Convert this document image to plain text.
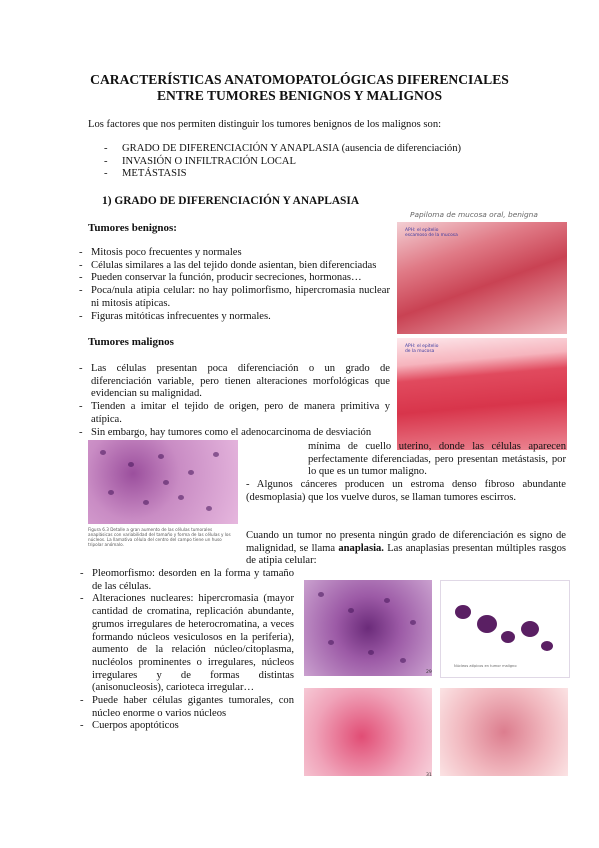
CARACTERÍSTICAS ANATOMOPATOLÓGICAS DIFERENCIALES
ENTRE TUMORES BENIGNOS Y MALIGNOS
Los factores que nos permiten distinguir los tumores benignos de los malignos son:
- GRADO DE DIFERENCIACIÓN Y ANAPLASIA (ausencia de diferenciación)
- INVASIÓN O INFILTRACIÓN LOCAL
- METÁSTASIS
1) GRADO DE DIFERENCIACIÓN Y ANAPLASIA
Papiloma de mucosa oral, benigna
APH: el epitelio
escamoso de la mucosa
Tumores benignos:
- Mitosis poco frecuentes y normales
- Células similares a las del tejido donde asientan, bien diferenciadas
- Pueden conservar la función, producir secreciones, hormonas…
- Poca/nula atipia celular: no hay polimorfismo, hipercromasia nuclear ni mitosis atípicas.
- Figuras mitóticas infrecuentes y normales.
APH: el epitelio
de la mucosa
Tumores malignos
- Las células presentan poca diferenciación o un grado de diferenciación variable, pero tienen alteraciones morfológicas que evidencian su malignidad.
- Tienden a imitar el tejido de origen, pero de manera primitiva y atípica.
- Sin embargo, hay tumores como el adenocarcinoma de desviación
Figura 6.3 Detalle a gran aumento de las células tumorales anaplásicas con variabilidad del tamaño y forma de las células y los núcleos. La llamativa célula del centro del campo tiene un huso tripolar anómalo.
mínima de cuello uterino, donde las células aparecen perfectamente diferenciadas, pero presentan metástasis, por lo que es un tumor maligno.
- Algunos cánceres producen un estroma denso fibroso abundante (desmoplasia) que los vuelve duros, se llaman tumores escirros.
Cuando un tumor no presenta ningún grado de diferenciación es signo de malignidad, se llama anaplasia. Las anaplasias presentan múltiples rasgos de atipia celular:
- Pleomorfismo: desorden en la forma y tamaño de las células.
- Alteraciones nucleares: hipercromasia (mayor cantidad de cromatina, replicación abundante, grumos irregulares de heterocromatina, a veces formando núcleos vesiculosos en la periferia), aumento de la relación núcleo/citoplasma, nucléolos prominentes o irregulares, núcleos irregulares y de formas distintas (anisonucleosis), carioteca irregular…
- Puede haber células gigantes tumorales, con núcleo enorme o varios núcleos
- Cuerpos apoptóticos
Núcleos atípicos en tumor maligno
29
31
